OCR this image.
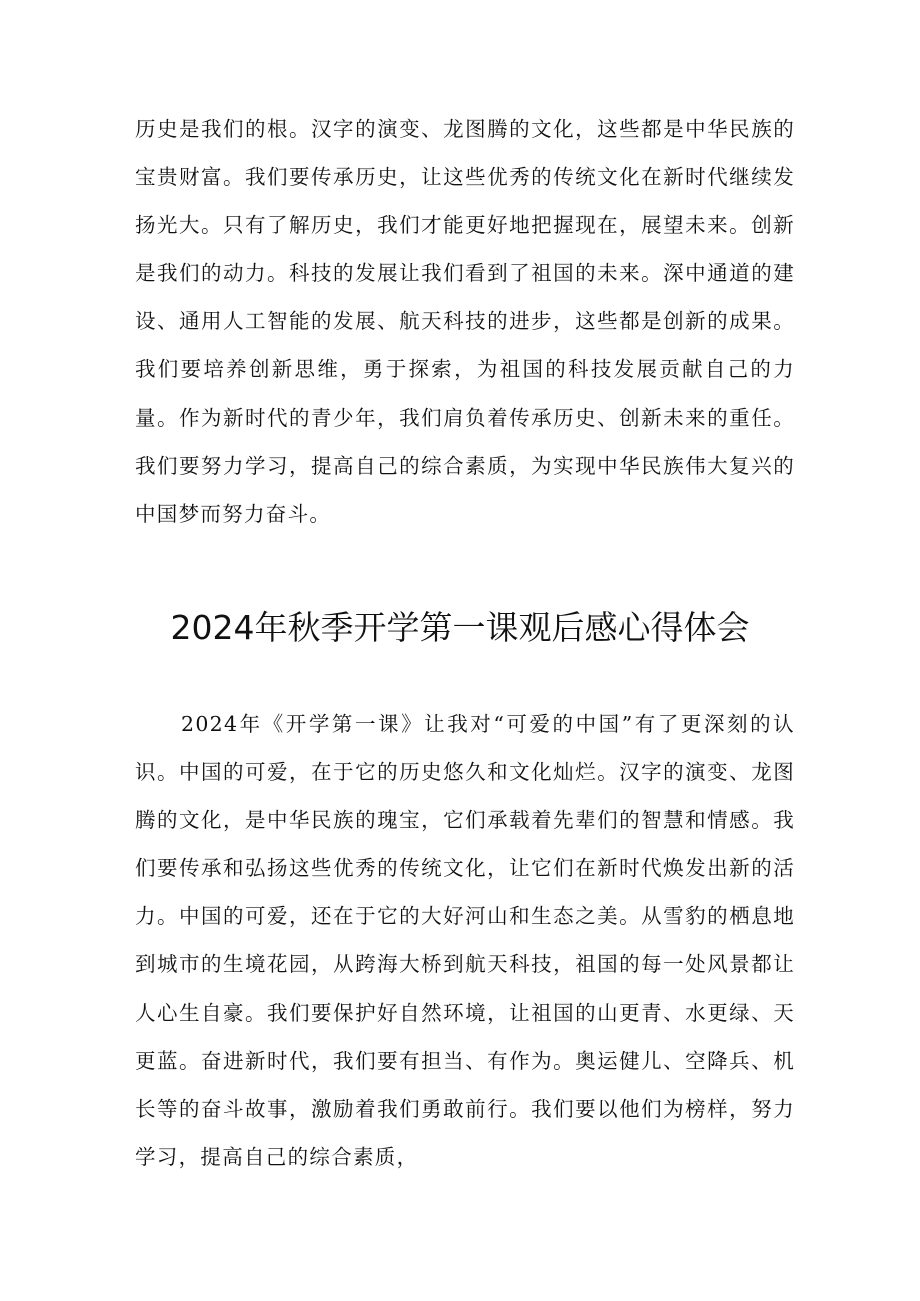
历史是我们的根。汉字的演变、龙图腾的文化，这些都是中华民族的宝贵财富。我们要传承历史，让这些优秀的传统文化在新时代继续发扬光大。只有了解历史，我们才能更好地把握现在，展望未来。创新是我们的动力。科技的发展让我们看到了祖国的未来。深中通道的建设、通用人工智能的发展、航天科技的进步，这些都是创新的成果。我们要培养创新思维，勇于探索，为祖国的科技发展贡献自己的力量。作为新时代的青少年，我们肩负着传承历史、创新未来的重任。我们要努力学习，提高自己的综合素质，为实现中华民族伟大复兴的中国梦而努力奋斗。

2024年秋季开学第一课观后感心得体会

2024年《开学第一课》让我对“可爱的中国”有了更深刻的认识。中国的可爱，在于它的历史悠久和文化灿烂。汉字的演变、龙图腾的文化，是中华民族的瑰宝，它们承载着先辈们的智慧和情感。我们要传承和弘扬这些优秀的传统文化，让它们在新时代焕发出新的活力。中国的可爱，还在于它的大好河山和生态之美。从雪豹的栖息地到城市的生境花园，从跨海大桥到航天科技，祖国的每一处风景都让人心生自豪。我们要保护好自然环境，让祖国的山更青、水更绿、天更蓝。奋进新时代，我们要有担当、有作为。奥运健儿、空降兵、机长等的奋斗故事，激励着我们勇敢前行。我们要以他们为榜样，努力学习，提高自己的综合素质，
